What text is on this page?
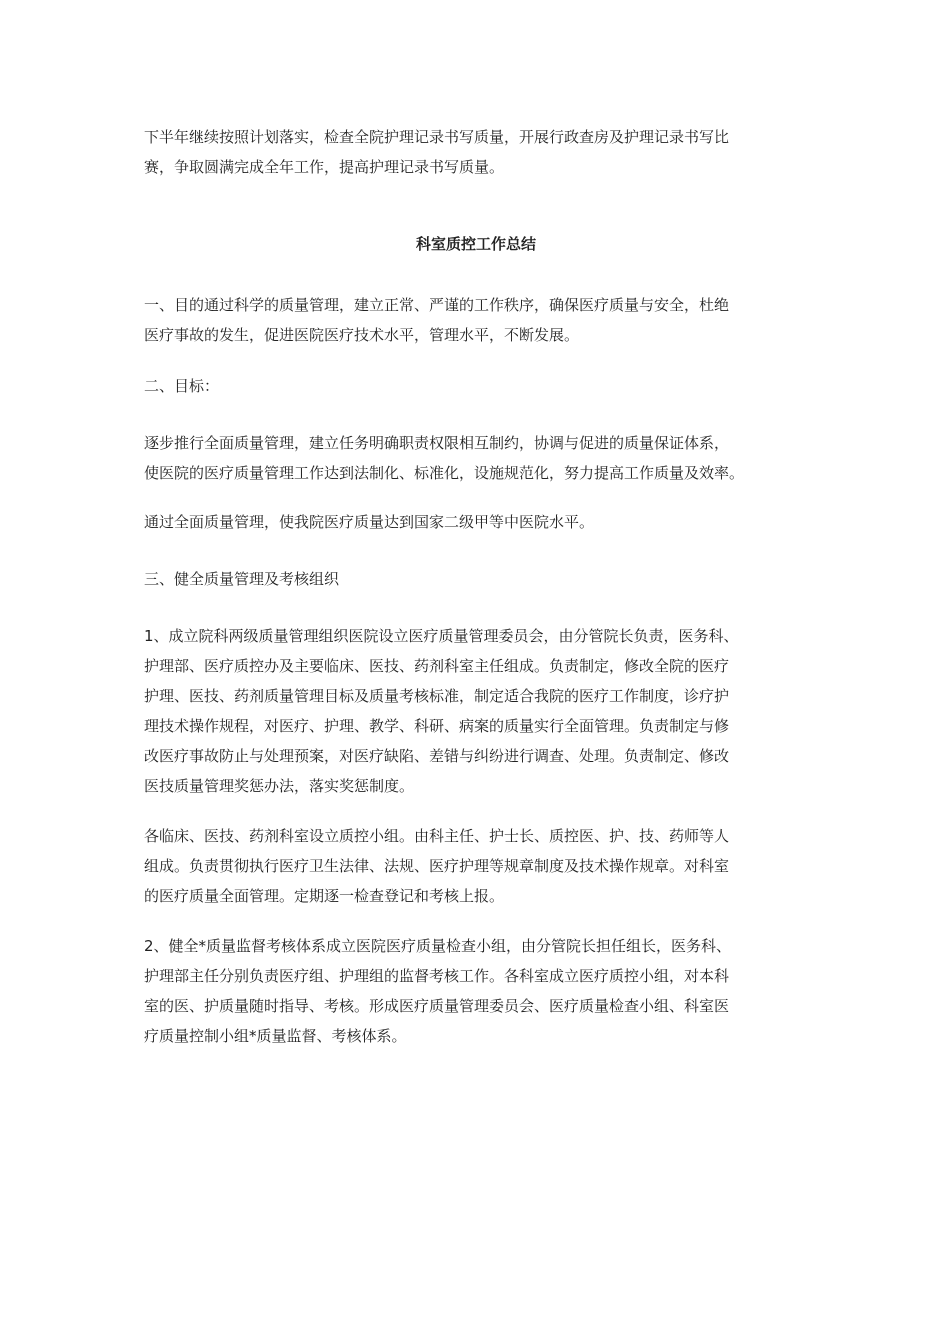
下半年继续按照计划落实，检查全院护理记录书写质量，开展行政查房及护理记录书写比

赛，争取圆满完成全年工作，提高护理记录书写质量。

科室质控工作总结

一、目的通过科学的质量管理，建立正常、严谨的工作秩序，确保医疗质量与安全，杜绝

医疗事故的发生，促进医院医疗技术水平，管理水平，不断发展。

二、目标：

逐步推行全面质量管理，建立任务明确职责权限相互制约，协调与促进的质量保证体系，

使医院的医疗质量管理工作达到法制化、标准化，设施规范化，努力提高工作质量及效率。

通过全面质量管理，使我院医疗质量达到国家二级甲等中医院水平。

三、健全质量管理及考核组织

1、成立院科两级质量管理组织医院设立医疗质量管理委员会，由分管院长负责，医务科、

护理部、医疗质控办及主要临床、医技、药剂科室主任组成。负责制定，修改全院的医疗

护理、医技、药剂质量管理目标及质量考核标准，制定适合我院的医疗工作制度，诊疗护

理技术操作规程，对医疗、护理、教学、科研、病案的质量实行全面管理。负责制定与修

改医疗事故防止与处理预案，对医疗缺陷、差错与纠纷进行调查、处理。负责制定、修改

医技质量管理奖惩办法，落实奖惩制度。

各临床、医技、药剂科室设立质控小组。由科主任、护士长、质控医、护、技、药师等人

组成。负责贯彻执行医疗卫生法律、法规、医疗护理等规章制度及技术操作规章。对科室

的医疗质量全面管理。定期逐一检查登记和考核上报。

2、健全*质量监督考核体系成立医院医疗质量检查小组，由分管院长担任组长，医务科、

护理部主任分别负责医疗组、护理组的监督考核工作。各科室成立医疗质控小组，对本科

室的医、护质量随时指导、考核。形成医疗质量管理委员会、医疗质量检查小组、科室医

疗质量控制小组*质量监督、考核体系。
